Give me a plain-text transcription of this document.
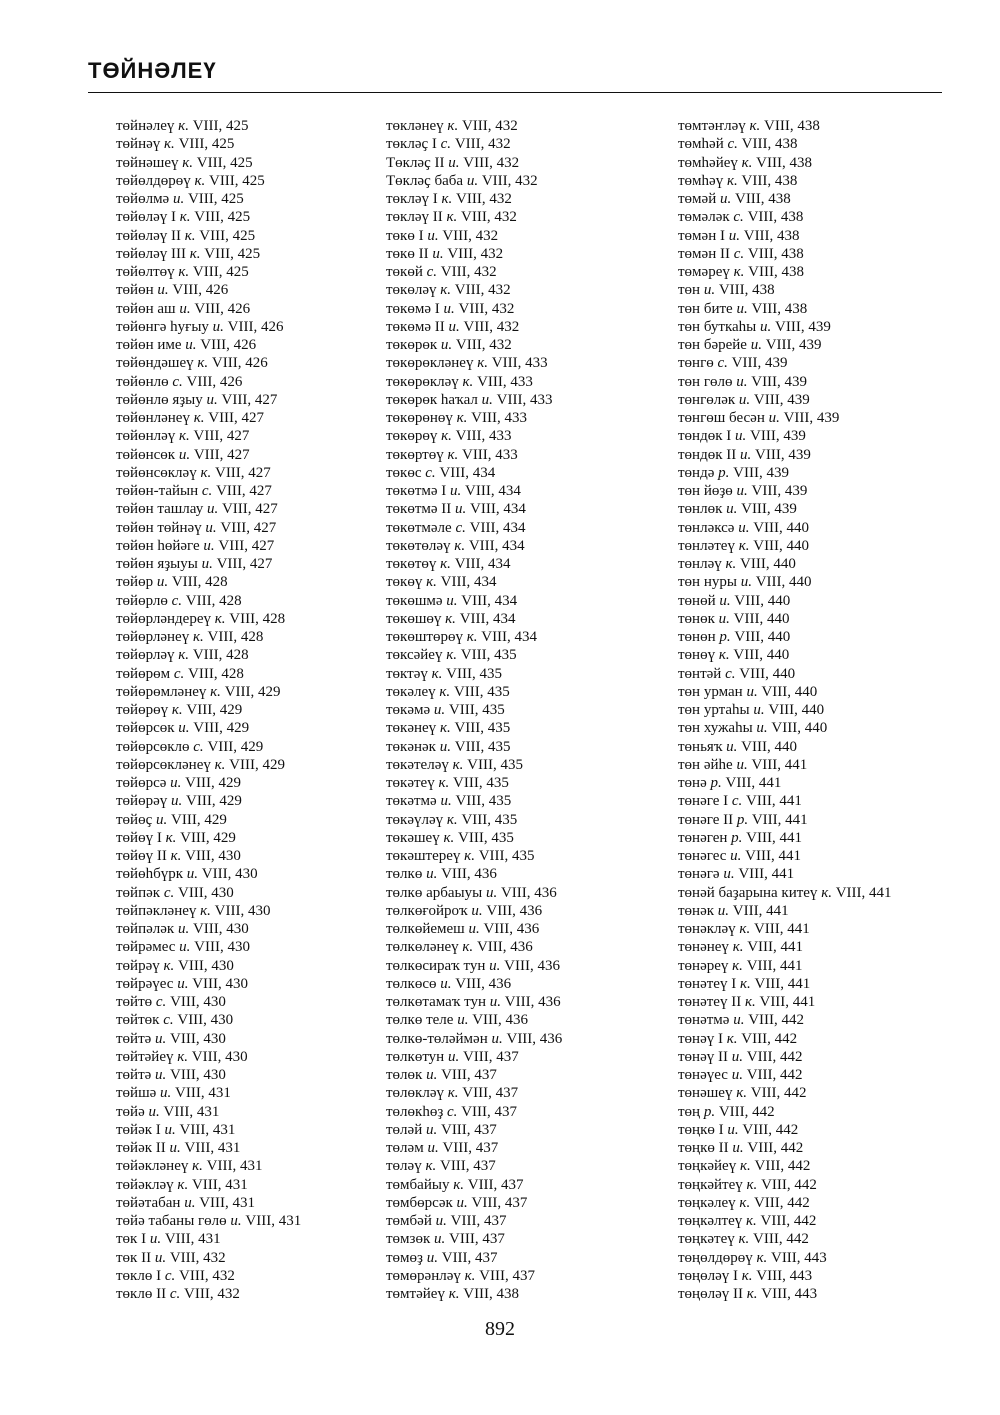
ТӨЙНӘЛЕҮ
төйнәлеү к. VIII, 425
төйнәү к. VIII, 425
төйнәшеү к. VIII, 425
төйөлдөрөү к. VIII, 425
төйөлмә и. VIII, 425
төйөләү I к. VIII, 425
төйөләү II к. VIII, 425
төйөләү III к. VIII, 425
төйөлтөү к. VIII, 425
төйөн и. VIII, 426
төйөн аш и. VIII, 426
төйөнгә һуғыу и. VIII, 426
төйөн име и. VIII, 426
төйөндәшеү к. VIII, 426
төйөнлө с. VIII, 426
төйөнлө яҙыу и. VIII, 427
төйөнләнеү к. VIII, 427
төйөнләү к. VIII, 427
төйөнсөк и. VIII, 427
төйөнсөкләү к. VIII, 427
төйөн-тайын с. VIII, 427
төйөн ташлау и. VIII, 427
төйөн төйнәү и. VIII, 427
төйөн һөйәге и. VIII, 427
төйөн яҙыуы и. VIII, 427
төйөр и. VIII, 428
төйөрлө с. VIII, 428
төйөрләндереү к. VIII, 428
төйөрләнеү к. VIII, 428
төйөрләү к. VIII, 428
төйөрөм с. VIII, 428
төйөрөмләнеү к. VIII, 429
төйөрөү к. VIII, 429
төйөрсөк и. VIII, 429
төйөрсөклө с. VIII, 429
төйөрсөкләнеү к. VIII, 429
төйөрсә и. VIII, 429
төйөрәү и. VIII, 429
төйөҫ и. VIII, 429
төйөү I к. VIII, 429
төйөү II к. VIII, 430
төйөһбүрк и. VIII, 430
төйпәк с. VIII, 430
төйпәкләнеү к. VIII, 430
төйпәләк и. VIII, 430
төйрәмес и. VIII, 430
төйрәү к. VIII, 430
төйрәүес и. VIII, 430
төйтө с. VIII, 430
төйтөк с. VIII, 430
төйтә и. VIII, 430
төйтәйеү к. VIII, 430
төйтә и. VIII, 430
төйшә и. VIII, 431
төйә и. VIII, 431
төйәк I и. VIII, 431
төйәк II и. VIII, 431
төйәкләнеү к. VIII, 431
төйәкләү к. VIII, 431
төйәтабан и. VIII, 431
төйә табаны гөлө и. VIII, 431
төк I и. VIII, 431
төк II и. VIII, 432
төклө I с. VIII, 432
төклө II с. VIII, 432
төкләнеү к. VIII, 432
төкләҫ I с. VIII, 432
Төкләҫ II и. VIII, 432
Төкләҫ баба и. VIII, 432
төкләү I к. VIII, 432
төкләү II к. VIII, 432
төкө I и. VIII, 432
төкө II и. VIII, 432
төкөй с. VIII, 432
төкөләү к. VIII, 432
төкөмә I и. VIII, 432
төкөмә II и. VIII, 432
төкөрөк и. VIII, 432
төкөрөкләнеү к. VIII, 433
төкөрөкләү к. VIII, 433
төкөрөк һаҡал и. VIII, 433
төкөрөнөү к. VIII, 433
төкөрөү к. VIII, 433
төкөртөү к. VIII, 433
төкөс с. VIII, 434
төкөтмә I и. VIII, 434
төкөтмә II и. VIII, 434
төкөтмәле с. VIII, 434
төкөтөләү к. VIII, 434
төкөтөү к. VIII, 434
төкөү к. VIII, 434
төкөшмә и. VIII, 434
төкөшөү к. VIII, 434
төкөштөрөү к. VIII, 434
төксәйеү к. VIII, 435
төктәү к. VIII, 435
төкәлеү к. VIII, 435
төкәмә и. VIII, 435
төкәнеү к. VIII, 435
төкәнәк и. VIII, 435
төкәтеләү к. VIII, 435
төкәтеү к. VIII, 435
төкәтмә и. VIII, 435
төкәүләү к. VIII, 435
төкәшеү к. VIII, 435
төкәштереү к. VIII, 435
төлкө и. VIII, 436
төлкө арбаыуы и. VIII, 436
төлкөғойроҡ и. VIII, 436
төлкөйемеш и. VIII, 436
төлкөләнеү к. VIII, 436
төлкөсираҡ тун и. VIII, 436
төлкөсө и. VIII, 436
төлкөтамаҡ тун и. VIII, 436
төлкө теле и. VIII, 436
төлкө-төләймән и. VIII, 436
төлкөтун и. VIII, 437
төлөк и. VIII, 437
төлөкләү к. VIII, 437
төлөкһөҙ с. VIII, 437
төләй и. VIII, 437
төләм и. VIII, 437
төләү к. VIII, 437
төмбайыу к. VIII, 437
төмбөрсәк и. VIII, 437
төмбәй и. VIII, 437
төмзөк и. VIII, 437
төмөҙ и. VIII, 437
төмөрәнләү к. VIII, 437
төмтәйеү к. VIII, 438
төмтәҥләү к. VIII, 438
төмһәй с. VIII, 438
төмһәйеү к. VIII, 438
төмһәү к. VIII, 438
төмәй и. VIII, 438
төмәләк с. VIII, 438
төмән I и. VIII, 438
төмән II с. VIII, 438
төмәреү к. VIII, 438
төн и. VIII, 438
төн бите и. VIII, 438
төн буткаһы и. VIII, 439
төн бәрейе и. VIII, 439
төнгө с. VIII, 439
төн гөлө и. VIII, 439
төнгөләк и. VIII, 439
төнгөш бесән и. VIII, 439
төндөк I и. VIII, 439
төндөк II и. VIII, 439
төндә р. VIII, 439
төн йөҙө и. VIII, 439
төнлөк и. VIII, 439
төнләксә и. VIII, 440
төнләтеү к. VIII, 440
төнләү к. VIII, 440
төн нуры и. VIII, 440
төнөй и. VIII, 440
төнөк и. VIII, 440
төнөн р. VIII, 440
төнөү к. VIII, 440
төнтәй с. VIII, 440
төн урман и. VIII, 440
төн уртаһы и. VIII, 440
төн хужаһы и. VIII, 440
төньяҡ и. VIII, 440
төн әйһе и. VIII, 441
төнә р. VIII, 441
төнәге I с. VIII, 441
төнәге II р. VIII, 441
төнәген р. VIII, 441
төнәгес и. VIII, 441
төнәгә и. VIII, 441
төнәй баҙарына китеү к. VIII, 441
төнәк и. VIII, 441
төнәкләү к. VIII, 441
төнәнеү к. VIII, 441
төнәреү к. VIII, 441
төнәтеү I к. VIII, 441
төнәтеү II к. VIII, 441
төнәтмә и. VIII, 442
төнәү I к. VIII, 442
төнәү II и. VIII, 442
төнәүес и. VIII, 442
төнәшеү к. VIII, 442
төң р. VIII, 442
төңкө I и. VIII, 442
төңкө II и. VIII, 442
төңкәйеү к. VIII, 442
төңкәйтеү к. VIII, 442
төңкәлеү к. VIII, 442
төңкәлтеү к. VIII, 442
төңкәтеү к. VIII, 442
төңөлдөрөү к. VIII, 443
төңөләү I к. VIII, 443
төңөләү II к. VIII, 443
892
